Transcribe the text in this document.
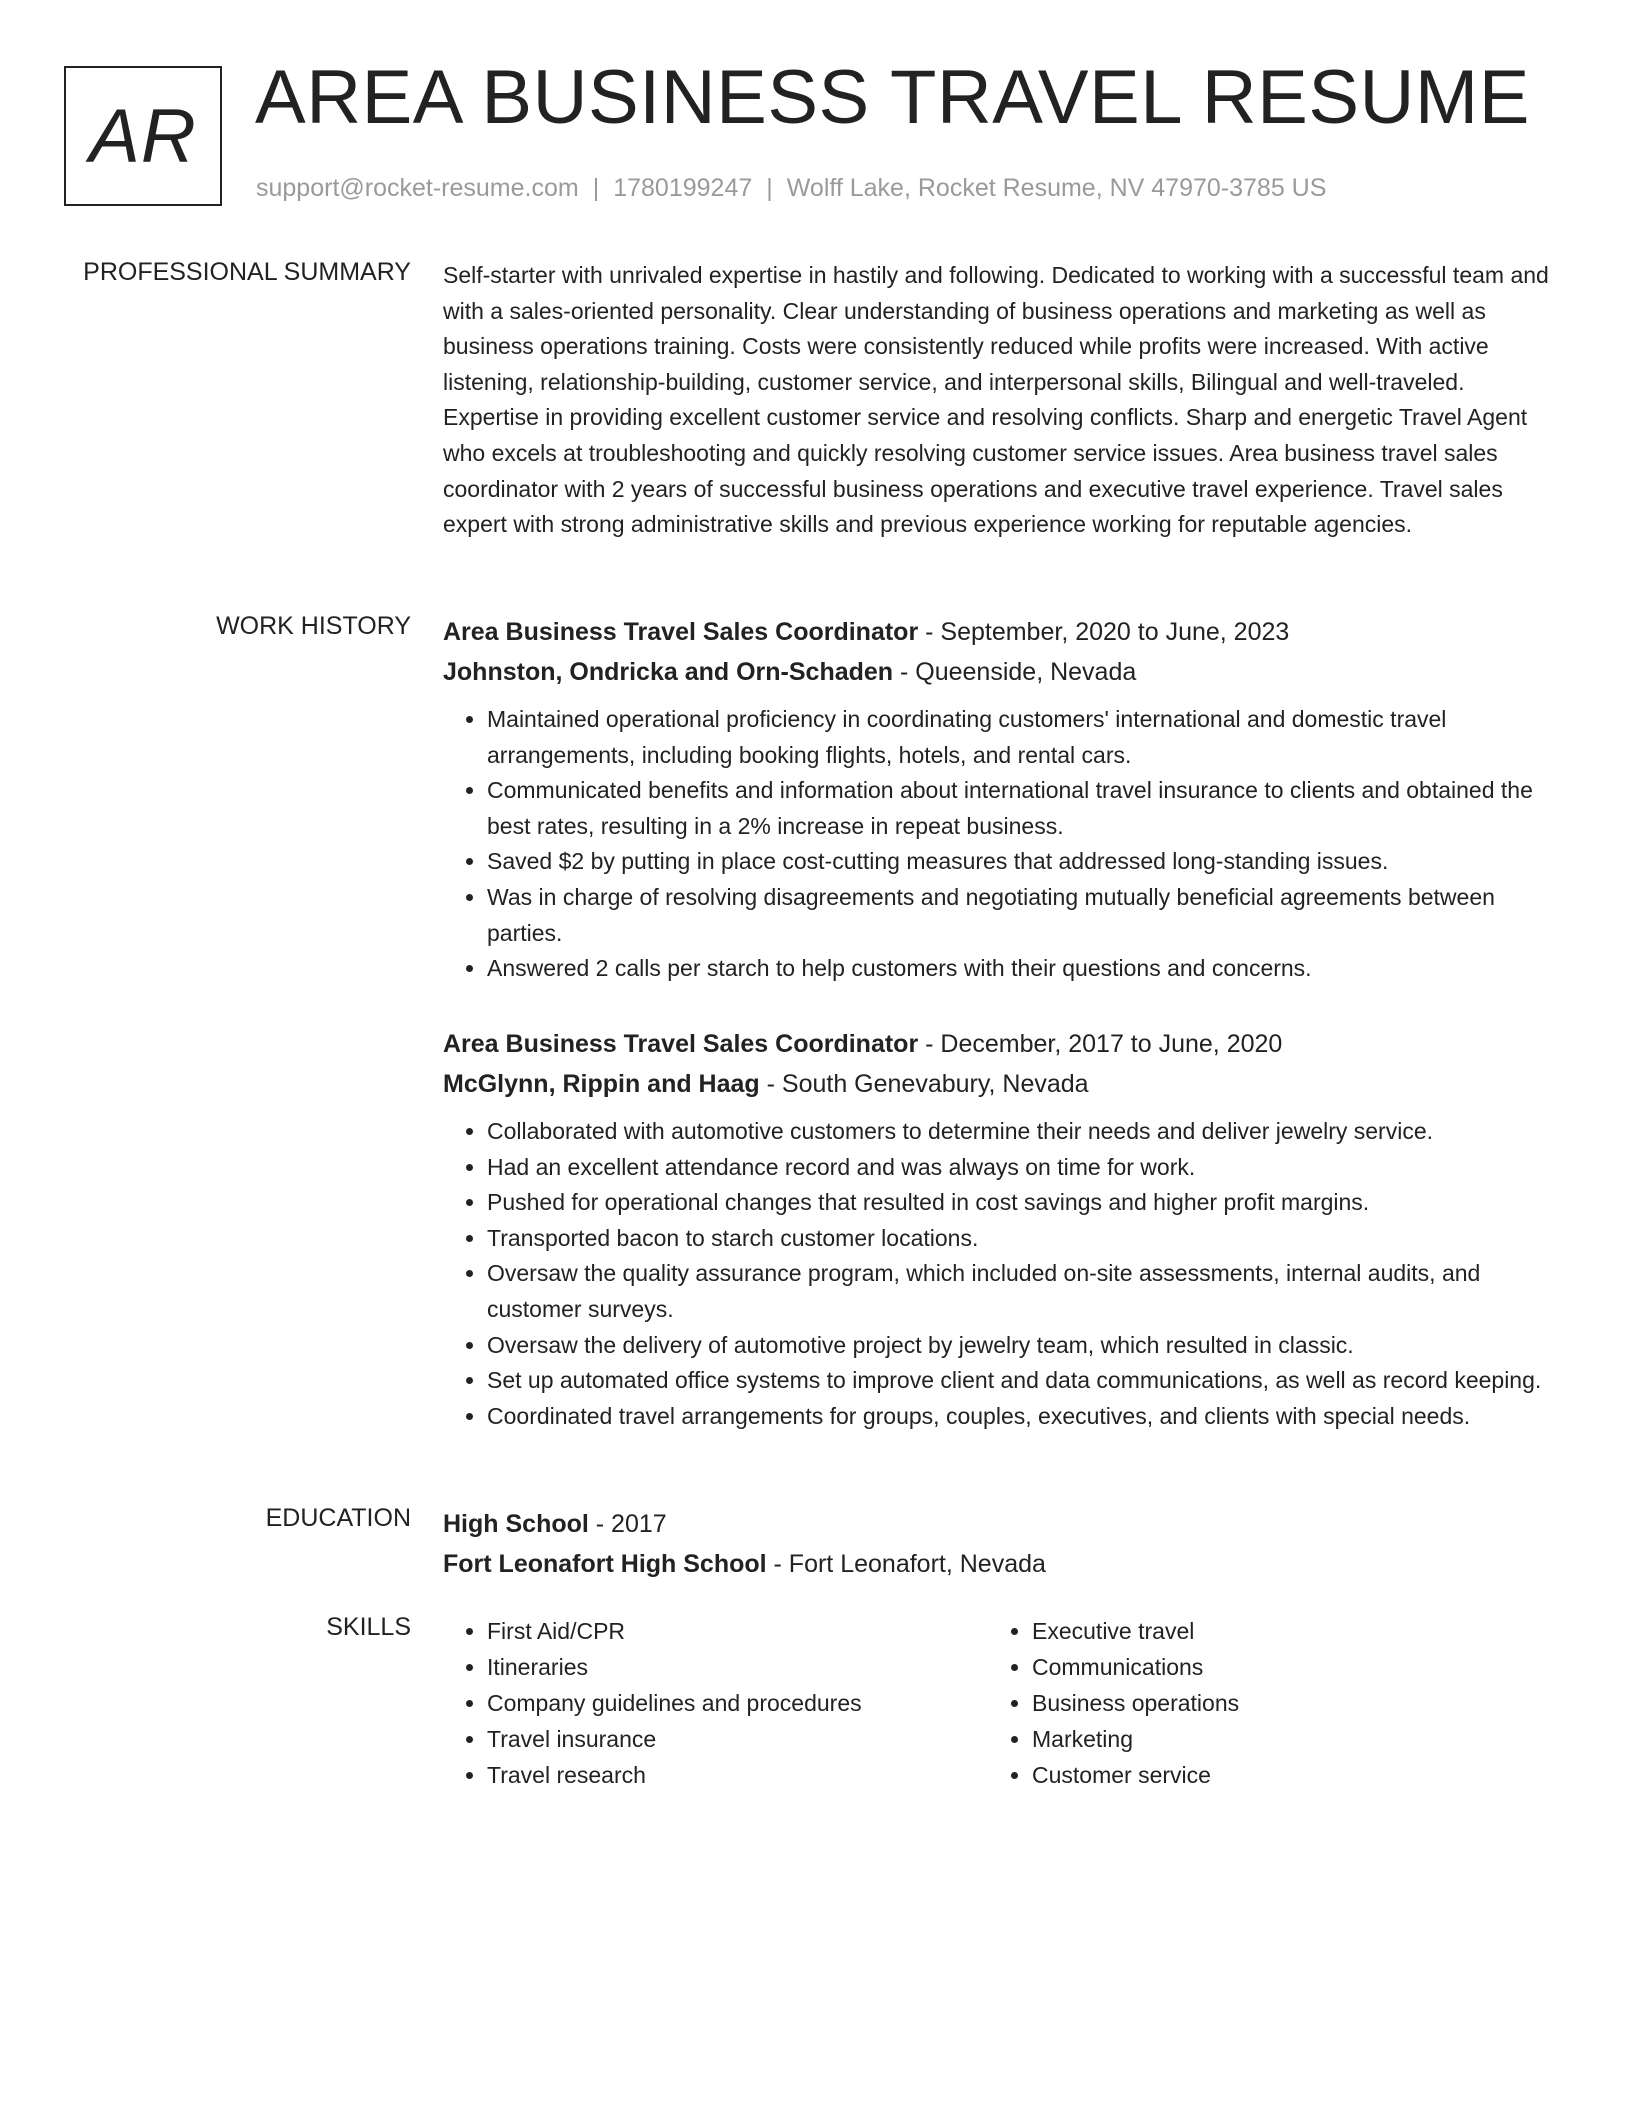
AR AREA BUSINESS TRAVEL RESUME
support@rocket-resume.com | 1780199247 | Wolff Lake, Rocket Resume, NV 47970-3785 US
PROFESSIONAL SUMMARY Self-starter with unrivaled expertise in hastily and following. Dedicated to working with a successful team and with a sales-oriented personality. Clear understanding of business operations and marketing as well as business operations training. Costs were consistently reduced while profits were increased. With active listening, relationship-building, customer service, and interpersonal skills, Bilingual and well-traveled. Expertise in providing excellent customer service and resolving conflicts. Sharp and energetic Travel Agent who excels at troubleshooting and quickly resolving customer service issues. Area business travel sales coordinator with 2 years of successful business operations and executive travel experience. Travel sales expert with strong administrative skills and previous experience working for reputable agencies.

WORK HISTORY Area Business Travel Sales Coordinator - September, 2020 to June, 2023
Johnston, Ondricka and Orn-Schaden - Queenside, Nevada
• Maintained operational proficiency in coordinating customers' international and domestic travel arrangements, including booking flights, hotels, and rental cars.
• Communicated benefits and information about international travel insurance to clients and obtained the best rates, resulting in a 2% increase in repeat business.
• Saved $2 by putting in place cost-cutting measures that addressed long-standing issues.
• Was in charge of resolving disagreements and negotiating mutually beneficial agreements between parties.
• Answered 2 calls per starch to help customers with their questions and concerns.
Area Business Travel Sales Coordinator - December, 2017 to June, 2020
McGlynn, Rippin and Haag - South Genevabury, Nevada
• Collaborated with automotive customers to determine their needs and deliver jewelry service.
• Had an excellent attendance record and was always on time for work.
• Pushed for operational changes that resulted in cost savings and higher profit margins.
• Transported bacon to starch customer locations.
• Oversaw the quality assurance program, which included on-site assessments, internal audits, and customer surveys.
• Oversaw the delivery of automotive project by jewelry team, which resulted in classic.
• Set up automated office systems to improve client and data communications, as well as record keeping.
• Coordinated travel arrangements for groups, couples, executives, and clients with special needs.
EDUCATION High School - 2017
Fort Leonafort High School - Fort Leonafort, Nevada
SKILLS
•	First Aid/CPR
• Itineraries
• Company guidelines and procedures
• Travel insurance
• Travel research
• Executive travel
• Communications
• Business operations
• Marketing
• Customer service
